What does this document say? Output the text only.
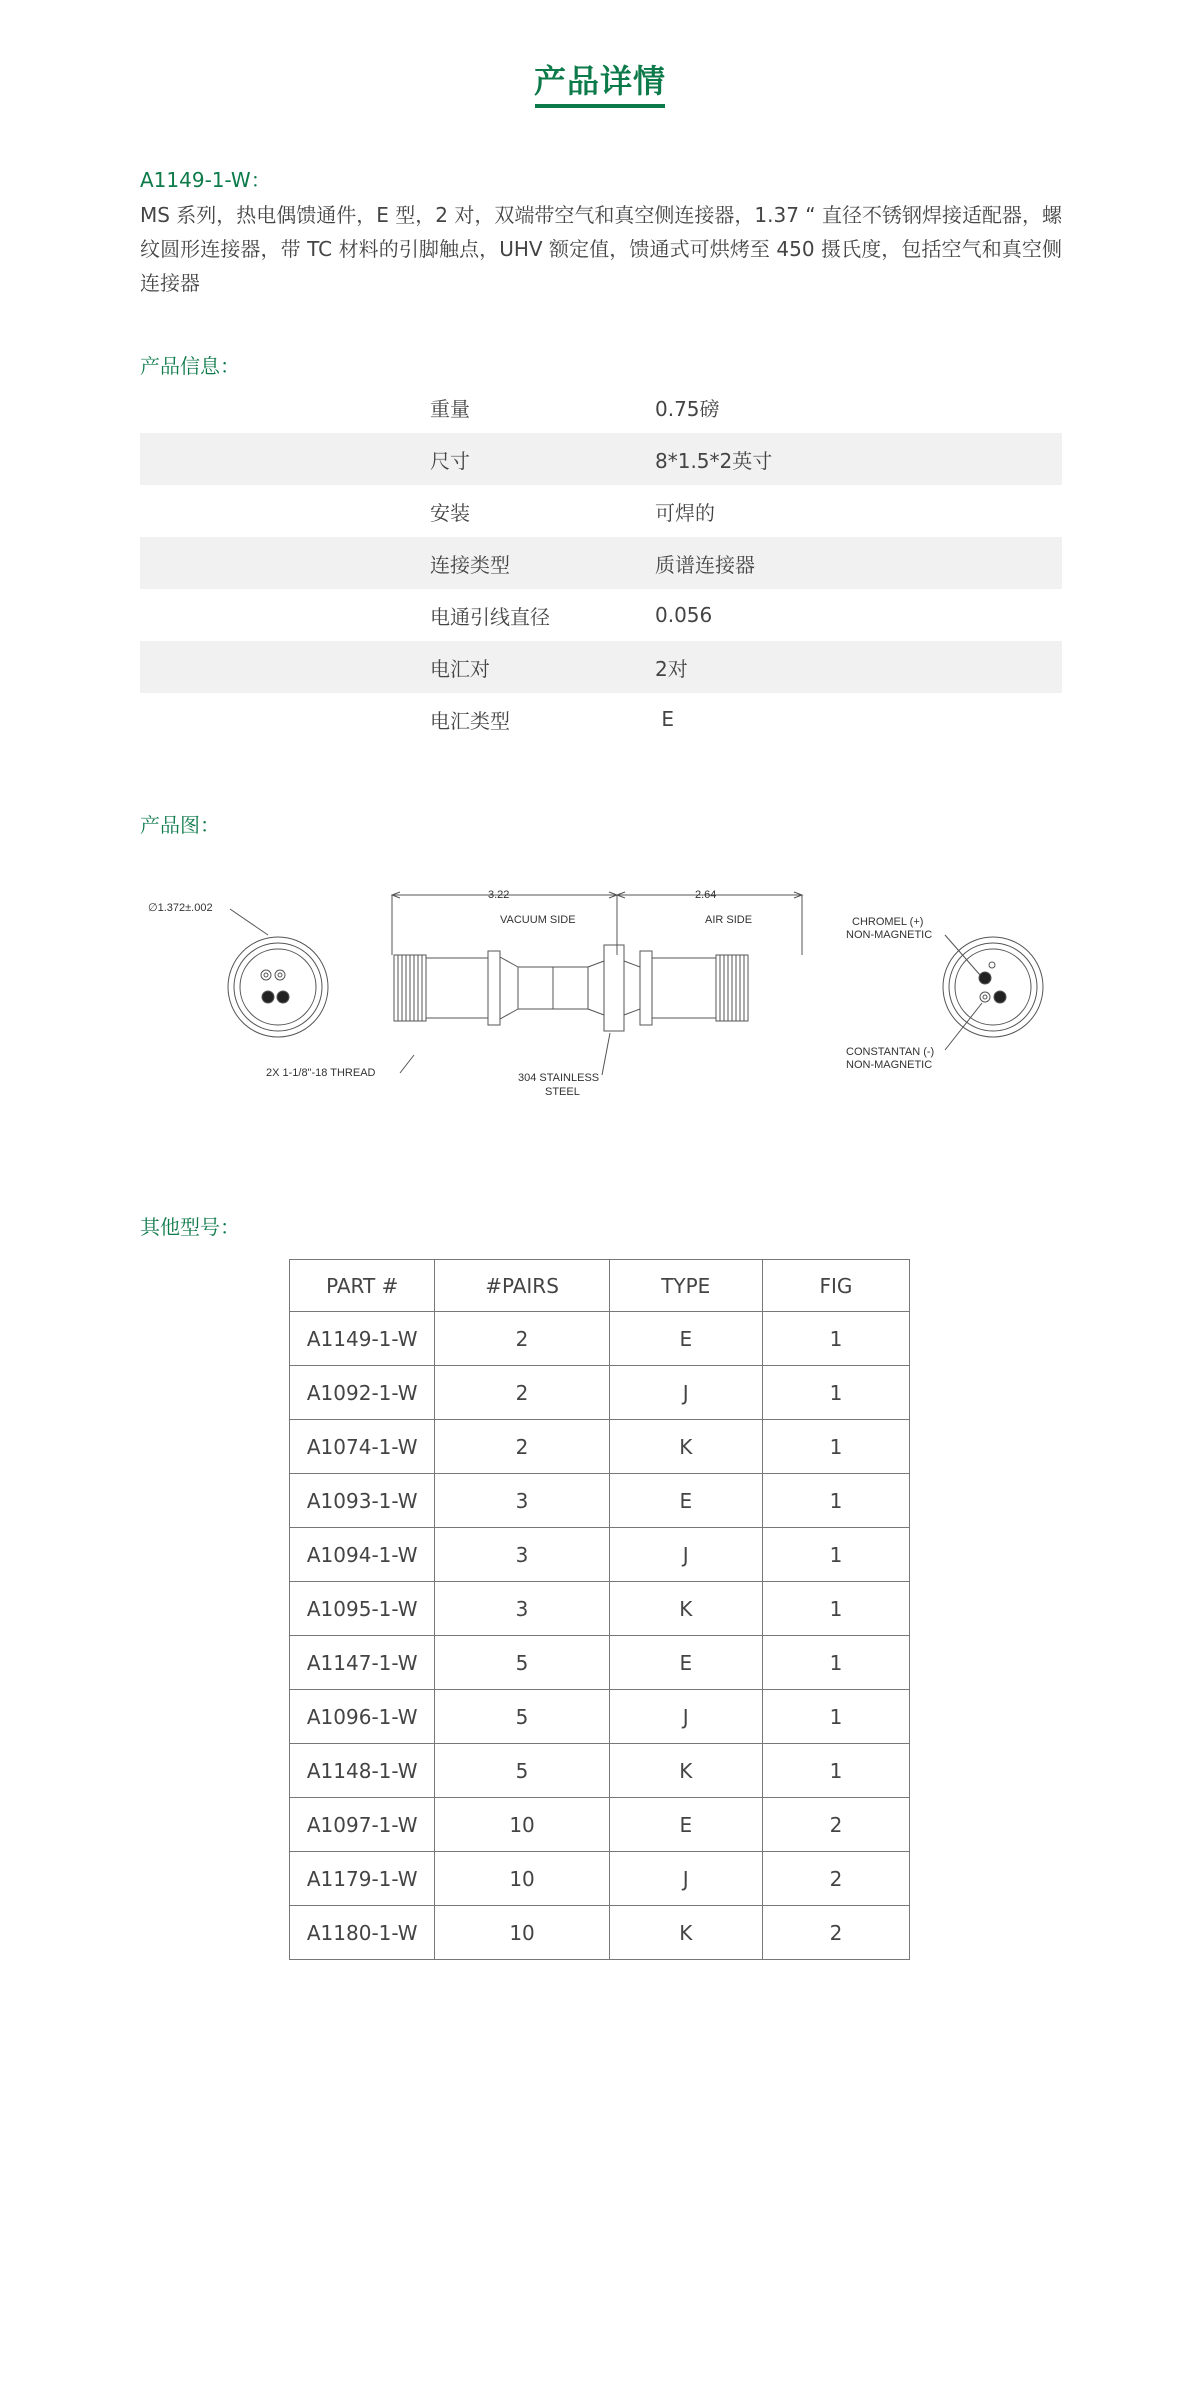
产品详情
A1149-1-W：
MS 系列，热电偶馈通件，E 型，2 对，双端带空气和真空侧连接器，1.37 “ 直径不锈钢焊接适配器，螺纹圆形连接器，带 TC 材料的引脚触点，UHV 额定值，馈通式可烘烤至 450 摄氏度，包括空气和真空侧连接器
产品信息：
重量	0.75磅
尺寸	8*1.5*2英寸
安装	可焊的
连接类型	质谱连接器
电通引线直径	0.056
电汇对	2对
电汇类型	E
产品图：
∅1.372±.002
2X 1-1/8"-18 THREAD
3.22	2.64
VACUUM SIDE	AIR SIDE
304 STAINLESS
STEEL
CHROMEL (+)
NON-MAGNETIC
CONSTANTAN (-)
NON-MAGNETIC
其他型号：
PART #	#PAIRS	TYPE	FIG
A1149-1-W	2	E	1
A1092-1-W	2	J	1
A1074-1-W	2	K	1
A1093-1-W	3	E	1
A1094-1-W	3	J	1
A1095-1-W	3	K	1
A1147-1-W	5	E	1
A1096-1-W	5	J	1
A1148-1-W	5	K	1
A1097-1-W	10	E	2
A1179-1-W	10	J	2
A1180-1-W	10	K	2
